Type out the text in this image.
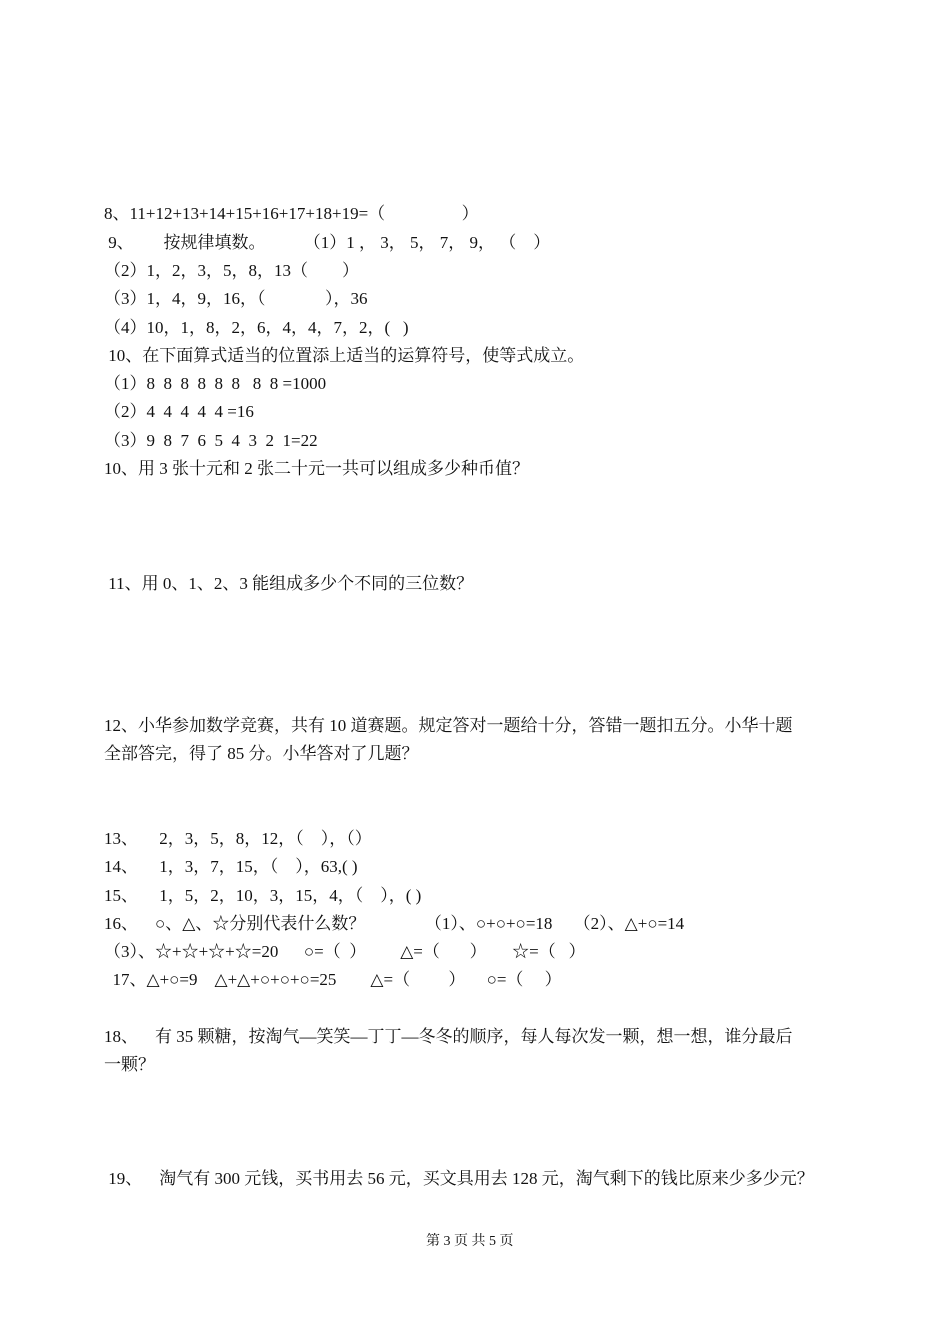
8、11+12+13+14+15+16+17+18+19=（                  ）
9、       按规律填数。         （1）1 ， 3， 5， 7， 9， （    ）
（2）1，2，3，5，8，13（        ）
（3）1，4，9，16，（              ），36
（4）10，1，8，2，6，4，4，7，2，(   )
10、在下面算式适当的位置添上适当的运算符号，使等式成立。
（1）8  8  8  8  8  8   8  8 =1000
（2）4  4  4  4  4 =16
（3）9  8  7  6  5  4  3  2  1=22
10、用 3 张十元和 2 张二十元一共可以组成多少种币值？
11、用 0、1、2、3 能组成多少个不同的三位数？
12、小华参加数学竞赛，共有 10 道赛题。规定答对一题给十分，答错一题扣五分。小华十题
全部答完，得了 85 分。小华答对了几题？
13、     2，3，5，8，12，（    ），（）
14、     1，3，7，15，（    ），63,( )
15、     1，5，2，10，3，15，4，（    ），( )
16、    ○、△、☆分别代表什么数？              （1）、○+○+○=18     （2）、△+○=14
（3）、☆+☆+☆+☆=20      ○=（  ）        △=（       ）      ☆=（   ）
17、△+○=9    △+△+○+○+○=25        △=（         ）     ○=（     ）
18、    有 35 颗糖，按淘气—笑笑—丁丁—冬冬的顺序，每人每次发一颗，想一想，谁分最后
一颗？
19、    淘气有 300 元钱，买书用去 56 元，买文具用去 128 元，淘气剩下的钱比原来少多少元？
第 3 页 共 5 页
